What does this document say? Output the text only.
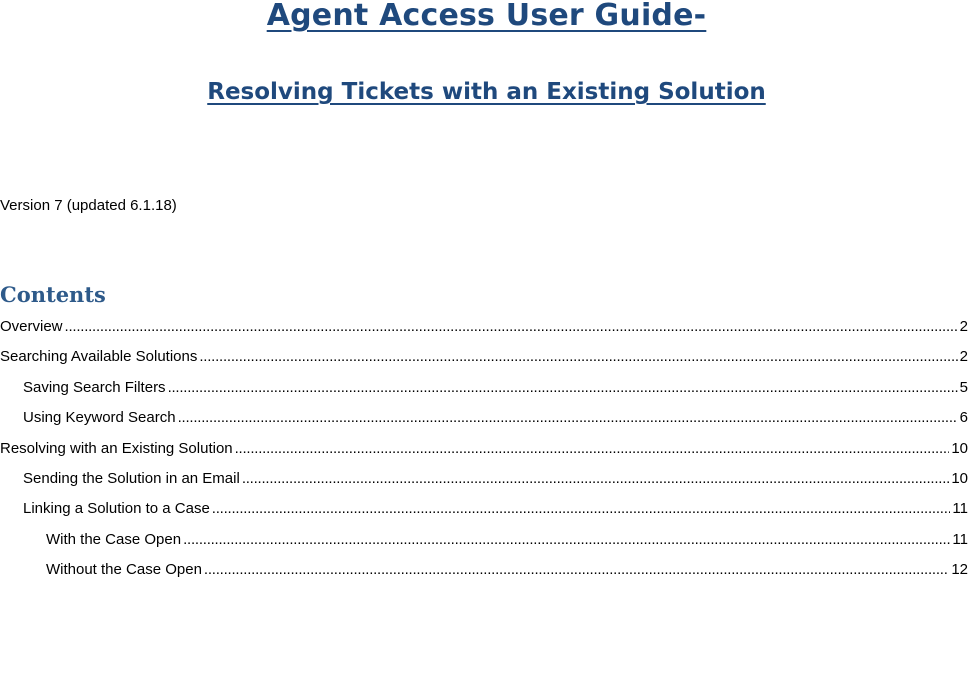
Agent Access User Guide-
Resolving Tickets with an Existing Solution
Version 7 (updated 6.1.18)
Contents
Overview . . .	2
Searching Available Solutions . . .	2
Saving Search Filters . . .	5
Using Keyword Search . . .	6
Resolving with an Existing Solution . . .	10
Sending the Solution in an Email . . .	10
Linking a Solution to a Case . . .	11
With the Case Open . . .	11
Without the Case Open . . .	12
